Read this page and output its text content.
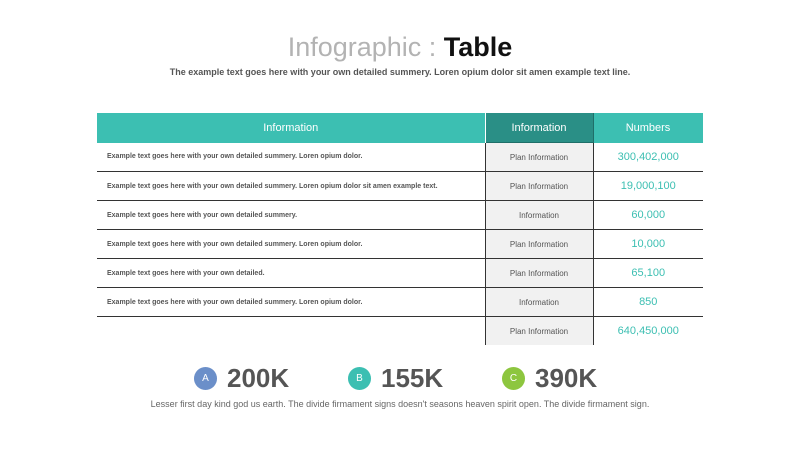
Infographic : Table
The example text goes here with your own detailed summery. Loren opium dolor sit amen example text line.
Information	Information	Numbers
Example text goes here with your own detailed summery. Loren opium dolor.	Plan Information	300,402,000
Example text goes here with your own detailed summery. Loren opium dolor sit amen example text.	Plan Information	19,000,100
Example text goes here with your own detailed summery.	Information	60,000
Example text goes here with your own detailed summery. Loren opium dolor.	Plan Information	10,000
Example text goes here with your own detailed.	Plan Information	65,100
Example text goes here with your own detailed summery. Loren opium dolor.	Information	850
	Plan Information	640,450,000
A 200K	B 155K	C 390K
Lesser first day kind god us earth. The divide firmament signs doesn't seasons heaven spirit open. The divide firmament sign.
